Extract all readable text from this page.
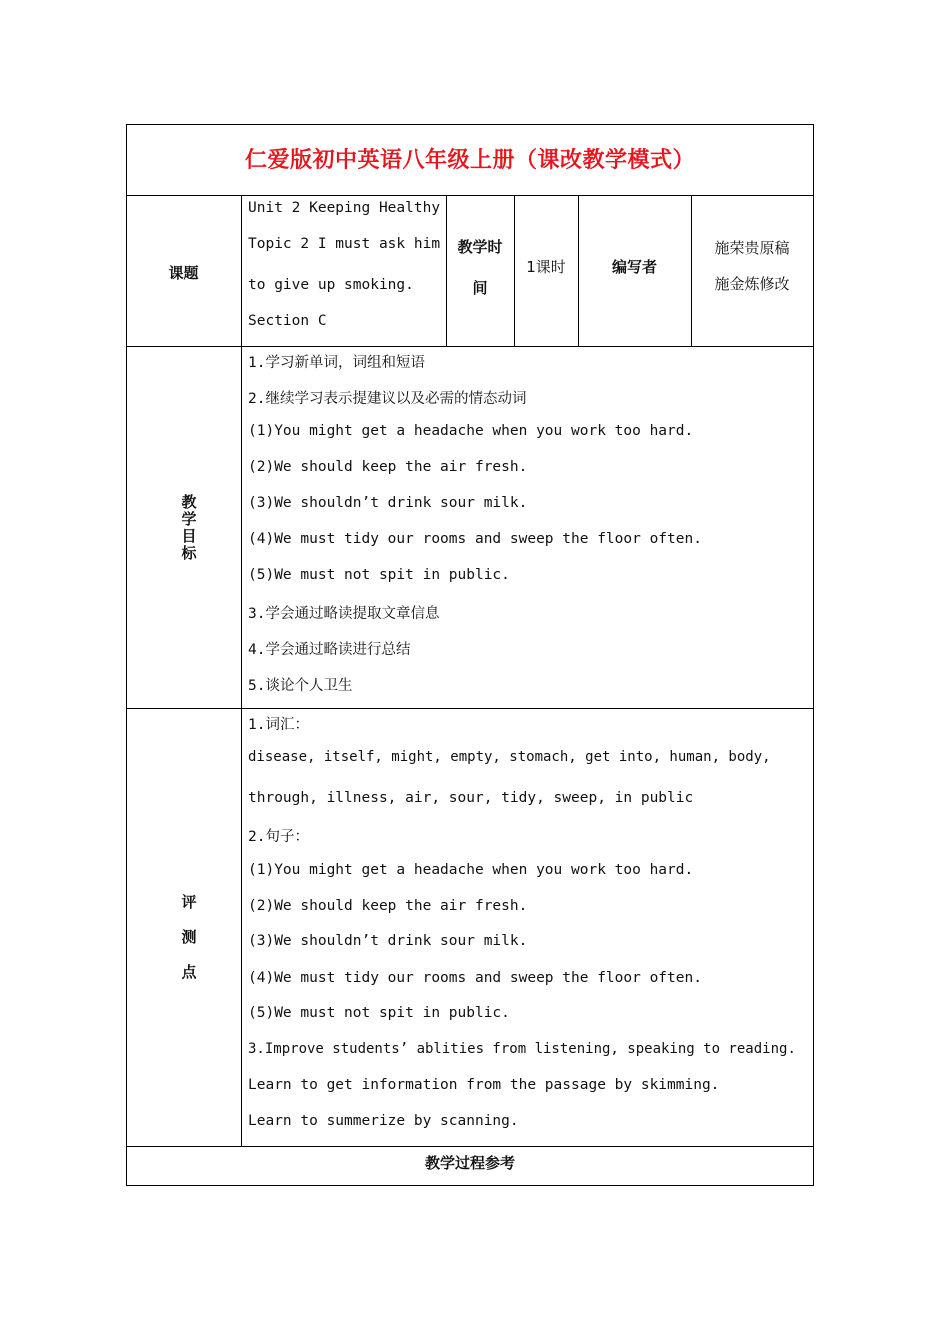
仁爱版初中英语八年级上册（课改教学模式）
课题
Unit 2 Keeping Healthy
Topic 2 I must ask him
to give up smoking.
Section C
教学时
间
1课时	编写者
施荣贵原稿
施金炼修改
教
学
目
标
1.学习新单词，词组和短语
2.继续学习表示提建议以及必需的情态动词
(1)You might get a headache when you work too hard.
(2)We should keep the air fresh.
(3)We shouldn’t drink sour milk.
(4)We must tidy our rooms and sweep the floor often.
(5)We must not spit in public.
3.学会通过略读提取文章信息
4.学会通过略读进行总结
5.谈论个人卫生
评
测
点
1.词汇：
disease, itself, might, empty, stomach, get into, human, body,
through, illness, air, sour, tidy, sweep, in public
2.句子：
(1)You might get a headache when you work too hard.
(2)We should keep the air fresh.
(3)We shouldn’t drink sour milk.
(4)We must tidy our rooms and sweep the floor often.
(5)We must not spit in public.
3.Improve students’ ablities from listening, speaking to reading.
Learn to get information from the passage by skimming.
Learn to summerize by scanning.
教学过程参考
